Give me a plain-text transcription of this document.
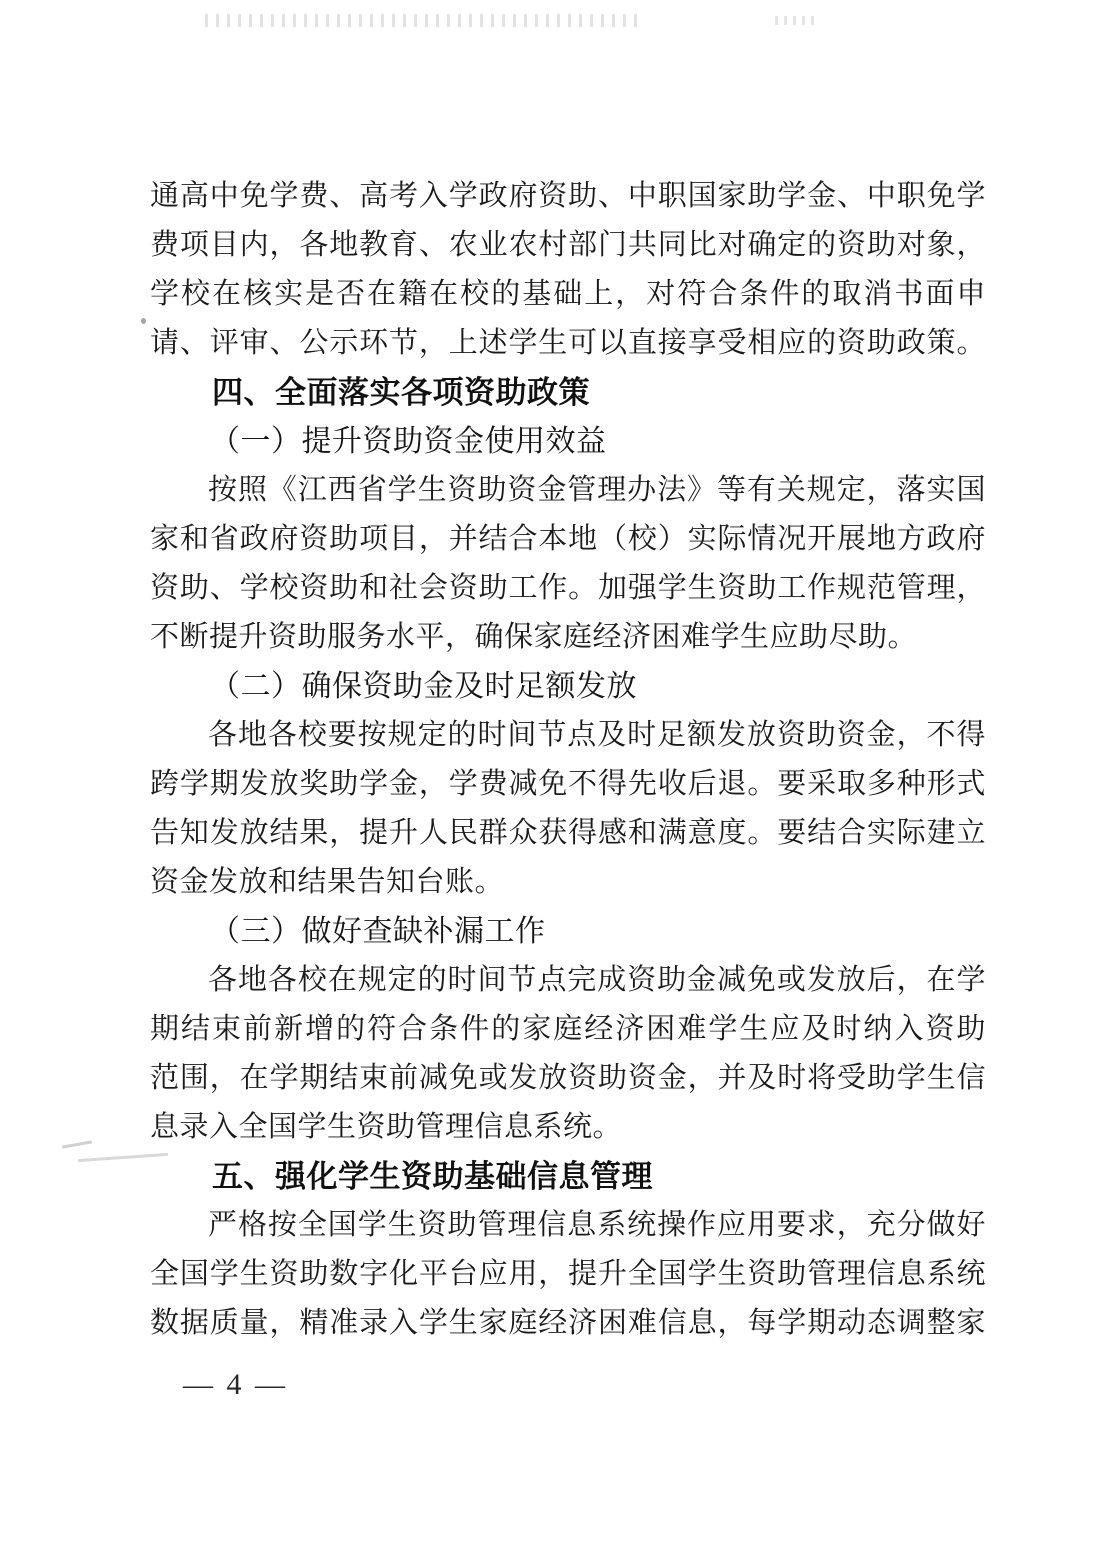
通高中免学费、高考入学政府资助、中职国家助学金、中职免学
费项目内，各地教育、农业农村部门共同比对确定的资助对象，
学校在核实是否在籍在校的基础上，对符合条件的取消书面申
请、评审、公示环节，上述学生可以直接享受相应的资助政策。
四、全面落实各项资助政策
（一）提升资助资金使用效益
按照《江西省学生资助资金管理办法》等有关规定，落实国
家和省政府资助项目，并结合本地（校）实际情况开展地方政府
资助、学校资助和社会资助工作。加强学生资助工作规范管理，
不断提升资助服务水平，确保家庭经济困难学生应助尽助。
（二）确保资助金及时足额发放
各地各校要按规定的时间节点及时足额发放资助资金，不得
跨学期发放奖助学金，学费减免不得先收后退。要采取多种形式
告知发放结果，提升人民群众获得感和满意度。要结合实际建立
资金发放和结果告知台账。
（三）做好查缺补漏工作
各地各校在规定的时间节点完成资助金减免或发放后，在学
期结束前新增的符合条件的家庭经济困难学生应及时纳入资助
范围，在学期结束前减免或发放资助资金，并及时将受助学生信
息录入全国学生资助管理信息系统。
五、强化学生资助基础信息管理
严格按全国学生资助管理信息系统操作应用要求，充分做好
全国学生资助数字化平台应用，提升全国学生资助管理信息系统
数据质量，精准录入学生家庭经济困难信息，每学期动态调整家
— 4 —
